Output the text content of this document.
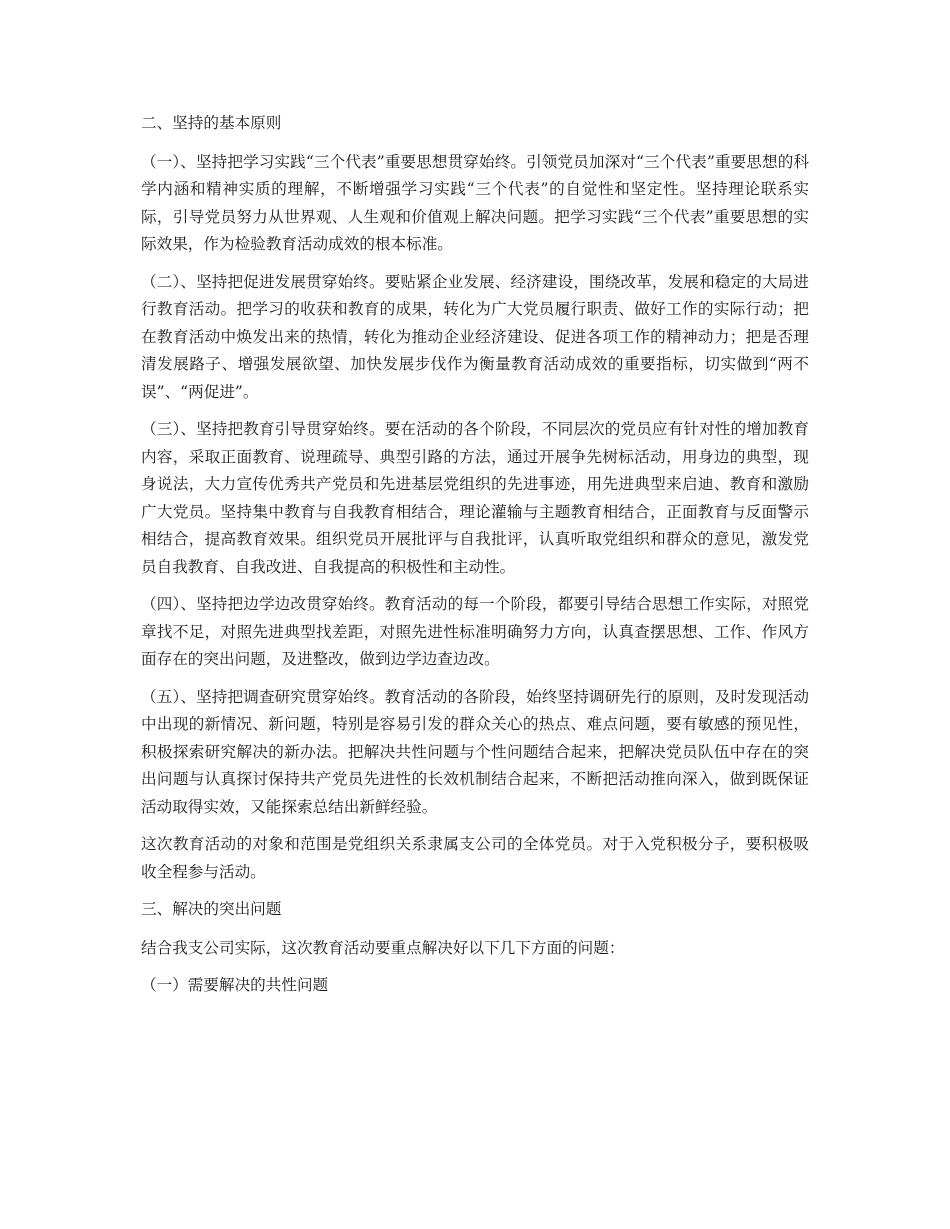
二、坚持的基本原则

（一）、坚持把学习实践“三个代表”重要思想贯穿始终。引领党员加深对“三个代表”重要思想的科学内涵和精神实质的理解，不断增强学习实践“三个代表”的自觉性和坚定性。坚持理论联系实际，引导党员努力从世界观、人生观和价值观上解决问题。把学习实践“三个代表”重要思想的实际效果，作为检验教育活动成效的根本标准。

（二）、坚持把促进发展贯穿始终。要贴紧企业发展、经济建设，围绕改革，发展和稳定的大局进行教育活动。把学习的收获和教育的成果，转化为广大党员履行职责、做好工作的实际行动；把在教育活动中焕发出来的热情，转化为推动企业经济建设、促进各项工作的精神动力；把是否理清发展路子、增强发展欲望、加快发展步伐作为衡量教育活动成效的重要指标，切实做到“两不误”、“两促进”。

（三）、坚持把教育引导贯穿始终。要在活动的各个阶段，不同层次的党员应有针对性的增加教育内容，采取正面教育、说理疏导、典型引路的方法，通过开展争先树标活动，用身边的典型，现身说法，大力宣传优秀共产党员和先进基层党组织的先进事迹，用先进典型来启迪、教育和激励广大党员。坚持集中教育与自我教育相结合，理论灌输与主题教育相结合，正面教育与反面警示相结合，提高教育效果。组织党员开展批评与自我批评，认真听取党组织和群众的意见，激发党员自我教育、自我改进、自我提高的积极性和主动性。

（四）、坚持把边学边改贯穿始终。教育活动的每一个阶段，都要引导结合思想工作实际，对照党章找不足，对照先进典型找差距，对照先进性标准明确努力方向，认真查摆思想、工作、作风方面存在的突出问题，及进整改，做到边学边查边改。

（五）、坚持把调查研究贯穿始终。教育活动的各阶段，始终坚持调研先行的原则，及时发现活动中出现的新情况、新问题，特别是容易引发的群众关心的热点、难点问题，要有敏感的预见性，积极探索研究解决的新办法。把解决共性问题与个性问题结合起来，把解决党员队伍中存在的突出问题与认真探讨保持共产党员先进性的长效机制结合起来，不断把活动推向深入，做到既保证活动取得实效，又能探索总结出新鲜经验。

这次教育活动的对象和范围是党组织关系隶属支公司的全体党员。对于入党积极分子，要积极吸收全程参与活动。

三、解决的突出问题

结合我支公司实际，这次教育活动要重点解决好以下几下方面的问题：

（一）需要解决的共性问题
